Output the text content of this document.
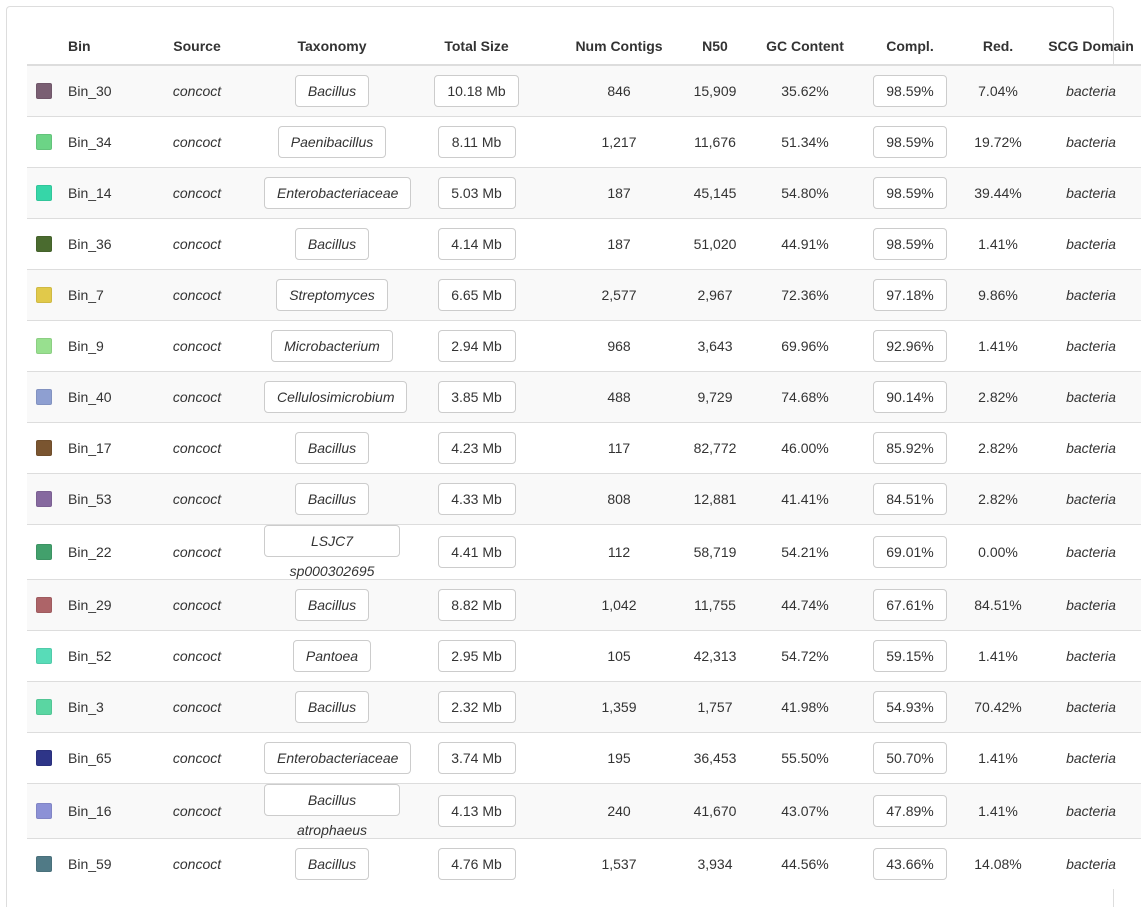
	Bin	Source	Taxonomy	Total Size	Num Contigs	N50	GC Content	Compl.	Red.	SCG Domain
	Bin_30	concoct	Bacillus	10.18 Mb	846	15,909	35.62%	98.59%	7.04%	bacteria
	Bin_34	concoct	Paenibacillus	8.11 Mb	1,217	11,676	51.34%	98.59%	19.72%	bacteria
	Bin_14	concoct	Enterobacteriaceae	5.03 Mb	187	45,145	54.80%	98.59%	39.44%	bacteria
	Bin_36	concoct	Bacillus	4.14 Mb	187	51,020	44.91%	98.59%	1.41%	bacteria
	Bin_7	concoct	Streptomyces	6.65 Mb	2,577	2,967	72.36%	97.18%	9.86%	bacteria
	Bin_9	concoct	Microbacterium	2.94 Mb	968	3,643	69.96%	92.96%	1.41%	bacteria
	Bin_40	concoct	Cellulosimicrobium	3.85 Mb	488	9,729	74.68%	90.14%	2.82%	bacteria
	Bin_17	concoct	Bacillus	4.23 Mb	117	82,772	46.00%	85.92%	2.82%	bacteria
	Bin_53	concoct	Bacillus	4.33 Mb	808	12,881	41.41%	84.51%	2.82%	bacteria
	Bin_22	concoct	LSJC7 sp000302695	4.41 Mb	112	58,719	54.21%	69.01%	0.00%	bacteria
	Bin_29	concoct	Bacillus	8.82 Mb	1,042	11,755	44.74%	67.61%	84.51%	bacteria
	Bin_52	concoct	Pantoea	2.95 Mb	105	42,313	54.72%	59.15%	1.41%	bacteria
	Bin_3	concoct	Bacillus	2.32 Mb	1,359	1,757	41.98%	54.93%	70.42%	bacteria
	Bin_65	concoct	Enterobacteriaceae	3.74 Mb	195	36,453	55.50%	50.70%	1.41%	bacteria
	Bin_16	concoct	Bacillus atrophaeus	4.13 Mb	240	41,670	43.07%	47.89%	1.41%	bacteria
	Bin_59	concoct	Bacillus	4.76 Mb	1,537	3,934	44.56%	43.66%	14.08%	bacteria
